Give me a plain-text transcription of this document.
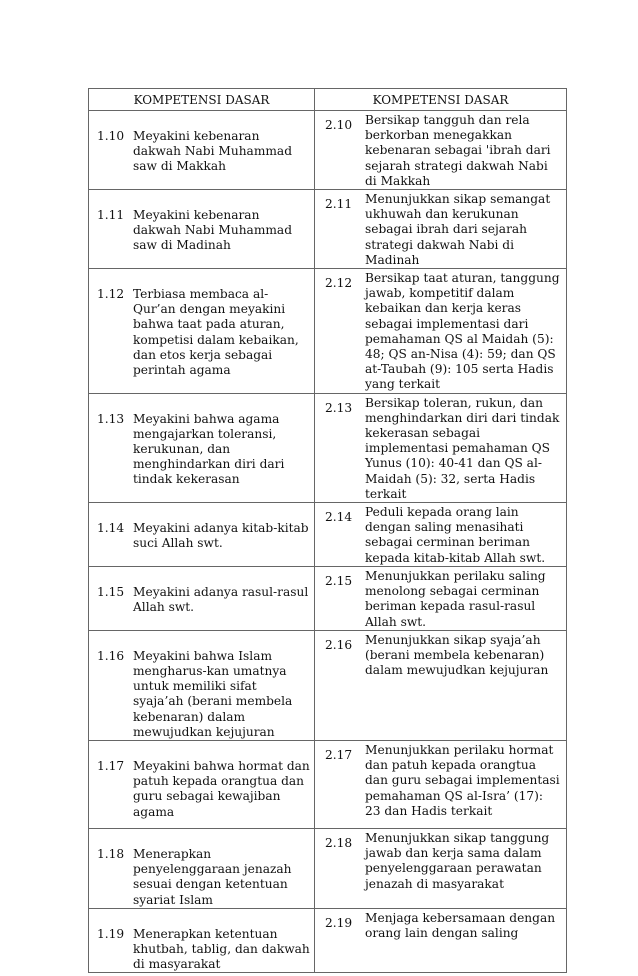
KOMPETENSI DASAR	KOMPETENSI DASAR

1.10 Meyakini kebenaran dakwah Nabi Muhammad saw di Makkah	2.10 Bersikap tangguh dan rela berkorban menegakkan kebenaran sebagai 'ibrah dari sejarah strategi dakwah Nabi di Makkah

1.11 Meyakini kebenaran dakwah Nabi Muhammad saw di Madinah	2.11 Menunjukkan sikap semangat ukhuwah dan kerukunan sebagai ibrah dari sejarah strategi dakwah Nabi di Madinah

1.12 Terbiasa membaca al-Qur’an dengan meyakini bahwa taat pada aturan, kompetisi dalam kebaikan, dan etos kerja sebagai perintah agama	2.12 Bersikap taat aturan, tanggung jawab, kompetitif dalam kebaikan dan kerja keras sebagai implementasi dari pemahaman QS al Maidah (5): 48; QS an-Nisa (4): 59; dan QS at-Taubah (9): 105 serta Hadis yang terkait

1.13 Meyakini bahwa agama mengajarkan toleransi, kerukunan, dan menghindarkan diri dari tindak kekerasan	2.13 Bersikap toleran, rukun, dan menghindarkan diri dari tindak kekerasan sebagai implementasi pemahaman QS Yunus (10): 40-41 dan QS al-Maidah (5): 32, serta Hadis terkait

1.14 Meyakini adanya kitab-kitab suci Allah swt.	2.14 Peduli kepada orang lain dengan saling menasihati sebagai cerminan beriman kepada kitab-kitab Allah swt.

1.15 Meyakini adanya rasul-rasul Allah swt.	2.15 Menunjukkan perilaku saling menolong sebagai cerminan beriman kepada rasul-rasul Allah swt.

1.16 Meyakini bahwa Islam mengharus-kan umatnya untuk memiliki sifat syaja’ah (berani membela kebenaran) dalam mewujudkan kejujuran	2.16 Menunjukkan sikap syaja’ah (berani membela kebenaran) dalam mewujudkan kejujuran

1.17 Meyakini bahwa hormat dan patuh kepada orangtua dan guru sebagai kewajiban agama	2.17 Menunjukkan perilaku hormat dan patuh kepada orangtua dan guru sebagai implementasi pemahaman QS al-Isra’ (17): 23 dan Hadis terkait

1.18 Menerapkan penyelenggaraan jenazah sesuai dengan ketentuan syariat Islam	2.18 Menunjukkan sikap tanggung jawab dan kerja sama dalam penyelenggaraan perawatan jenazah di masyarakat

1.19 Menerapkan ketentuan khutbah, tablig, dan dakwah di masyarakat	2.19 Menjaga kebersamaan dengan orang lain dengan saling
